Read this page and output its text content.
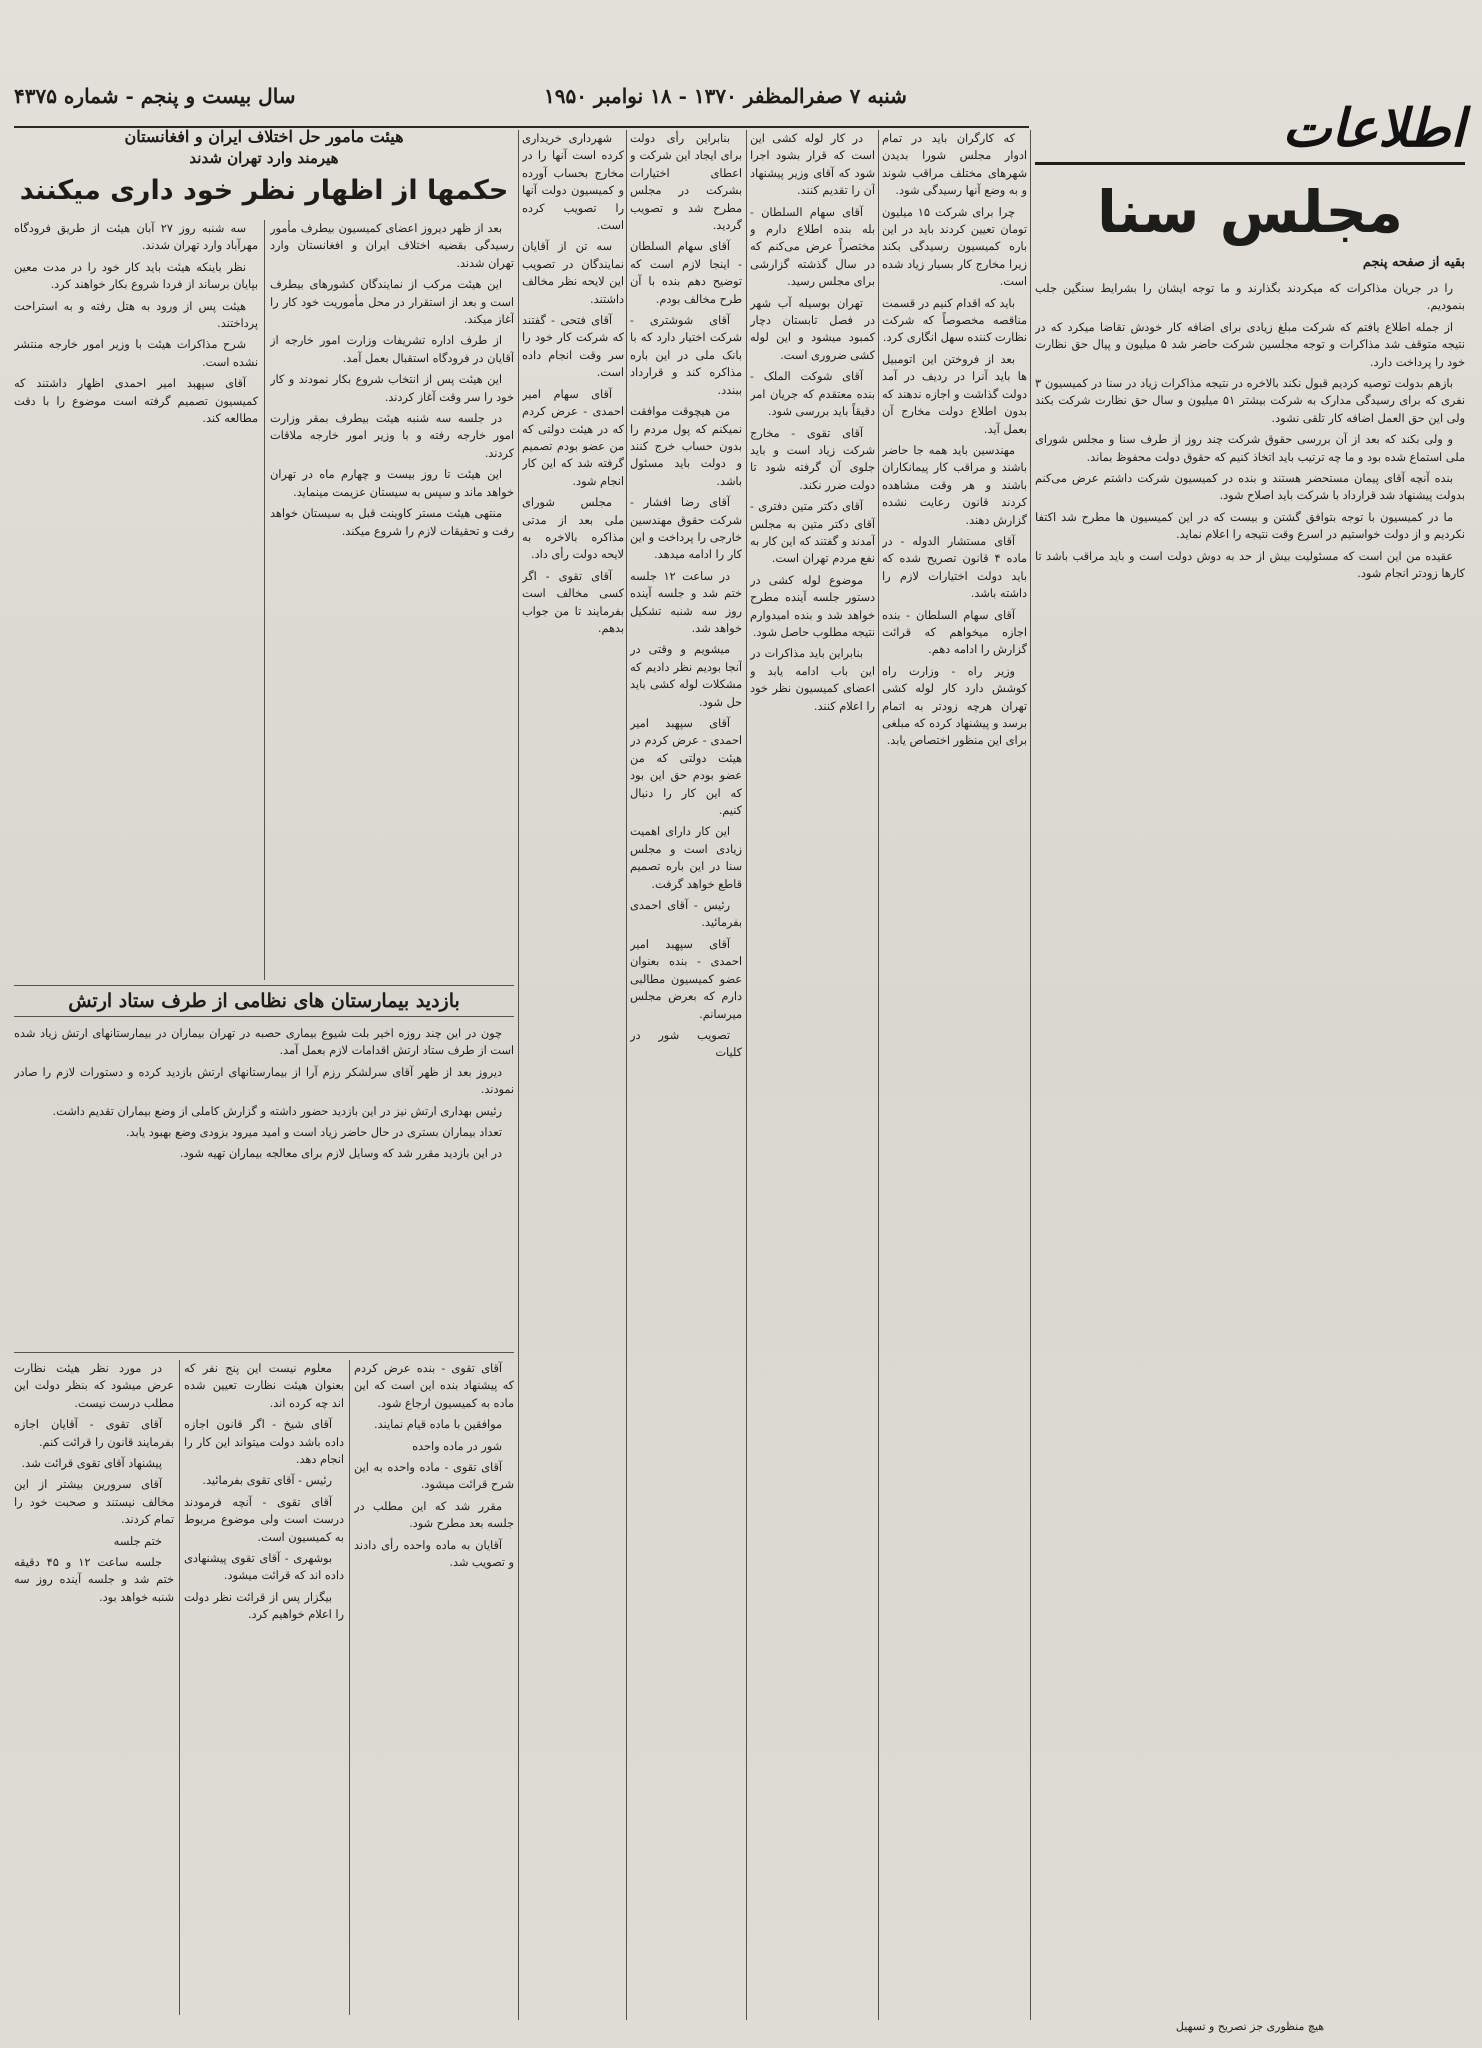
سال بیست و پنجم - شماره ۴۳۷۵	شنبه ۷ صفرالمظفر ۱۳۷۰ - ۱۸ نوامبر ۱۹۵۰
اطلاعات
مجلس سنا
بقیه از صفحه پنجم

را در جریان مذاکرات که میکردند بگذارند و ما توجه ایشان را بشرایط سنگین جلب بنمودیم.

از جمله اطلاع یافتم که شرکت مبلغ زیادی برای اضافه کار خودش تقاضا میکرد که در نتیجه متوقف شد مذاکرات و توجه مجلسین شرکت حاضر شد ۵ میلیون و پیال حق نظارت خود را پرداخت دارد.

بازهم بدولت توصیه کردیم قبول نکند بالاخره در نتیجه مذاکرات زیاد در سنا در کمیسیون ۳ نفری که برای رسیدگی مدارک به شرکت بیشتر ۵۱ میلیون و سال حق نظارت شرکت بکند ولی این حق العمل اضافه کار تلقی نشود.

و ولی بکند که بعد از آن بررسی حقوق شرکت چند روز از طرف سنا و مجلس شورای ملی استماع شده بود و ما چه ترتیب باید اتخاذ کنیم که حقوق دولت محفوظ بماند.

بنده آنچه آقای پیمان مستحضر هستند و بنده در کمیسیون شرکت داشتم عرض می‌کنم بدولت پیشنهاد شد قرارداد با شرکت باید اصلاح شود.

ما در کمیسیون با توجه بتوافق گشتن و بیست که در این کمیسیون ها مطرح شد اکتفا نکردیم و از دولت خواستیم در اسرع وقت نتیجه را اعلام نماید.

عقیده من این است که مسئولیت بیش از حد به دوش دولت است و باید مراقب باشد تا کارها زودتر انجام شود.

که کارگران باید در تمام ادوار مجلس شورا بدیدن شهرهای مختلف مراقب شوند و به وضع آنها رسیدگی شود.

چرا برای شرکت ۱۵ میلیون تومان تعیین کردند باید در این باره کمیسیون رسیدگی بکند زیرا مخارج کار بسیار زیاد شده است.

باید که اقدام کنیم در قسمت مناقصه مخصوصاً که شرکت نظارت کننده سهل انگاری کرد.

بعد از فروختن این اتومبیل ها باید آنرا در ردیف در آمد دولت گذاشت و اجازه ندهند که بدون اطلاع دولت مخارج آن بعمل آید.

مهندسین باید همه جا حاضر باشند و مراقب کار پیمانکاران باشند و هر وقت مشاهده کردند قانون رعایت نشده گزارش دهند.

آقای مستشار الدوله - در ماده ۴ قانون تصریح شده که باید دولت اختیارات لازم را داشته باشد.

آقای سهام السلطان - بنده اجازه میخواهم که قرائت گزارش را ادامه دهم.

وزیر راه - وزارت راه کوشش دارد کار لوله کشی تهران هرچه زودتر به اتمام برسد و پیشنهاد کرده که مبلغی برای این منظور اختصاص یابد.

در کار لوله کشی این است که قرار بشود اجرا شود که آقای وزیر پیشنهاد آن را تقدیم کنند.

آقای سهام السلطان - بله بنده اطلاع دارم و مختصراً عرض می‌کنم که در سال گذشته گزارشی برای مجلس رسید.

تهران بوسیله آب شهر در فصل تابستان دچار کمبود میشود و این لوله کشی ضروری است.

آقای شوکت الملک - بنده معتقدم که جریان امر دقیقاً باید بررسی شود.

آقای تقوی - مخارج شرکت زیاد است و باید جلوی آن گرفته شود تا دولت ضرر نکند.

آقای دکتر متین دفتری - آقای دکتر متین به مجلس آمدند و گفتند که این کار به نفع مردم تهران است.

موضوع لوله کشی در دستور جلسه آینده مطرح خواهد شد و بنده امیدوارم نتیجه مطلوب حاصل شود.

بنابراین باید مذاکرات در این باب ادامه یابد و اعضای کمیسیون نظر خود را اعلام کنند.

بنابراین رأی دولت برای ایجاد این شرکت و اعطای اختیارات بشرکت در مجلس مطرح شد و تصویب گردید.

آقای سهام السلطان - اینجا لازم است که توضیح دهم بنده با آن طرح مخالف بودم.

آقای شوشتری - شرکت اختیار دارد که با بانک ملی در این باره مذاکره کند و قرارداد ببندد.

من هیچوقت موافقت نمیکنم که پول مردم را بدون حساب خرج کنند و دولت باید مسئول باشد.

آقای رضا افشار - شرکت حقوق مهندسین خارجی را پرداخت و این کار را ادامه میدهد.

در ساعت ۱۲ جلسه ختم شد و جلسه آینده روز سه شنبه تشکیل خواهد شد.

میشویم و وقتی در آنجا بودیم نظر دادیم که مشکلات لوله کشی باید حل شود.

آقای سپهبد امیر احمدی - عرض کردم در هیئت دولتی که من عضو بودم حق این بود که این کار را دنبال کنیم.

این کار دارای اهمیت زیادی است و مجلس سنا در این باره تصمیم قاطع خواهد گرفت.

رئیس - آقای احمدی بفرمائید.

آقای سپهبد امیر احمدی - بنده بعنوان عضو کمیسیون مطالبی دارم که بعرض مجلس میرسانم.

تصویب شور در کلیات

شهرداری خریداری کرده است آنها را در مخارج بحساب آورده و کمیسیون دولت آنها را تصویب کرده است.

سه تن از آقایان نمایندگان در تصویب این لایحه نظر مخالف داشتند.

آقای فتحی - گفتند که شرکت کار خود را سر وقت انجام داده است.

آقای سهام امیر احمدی - عرض کردم که در هیئت دولتی که من عضو بودم تصمیم گرفته شد که این کار انجام شود.

مجلس شورای ملی بعد از مدتی مذاکره بالاخره به لایحه دولت رأی داد.

آقای تقوی - اگر کسی مخالف است بفرمایند تا من جواب بدهم.

هیئت مامور حل اختلاف ایران و افغانستان
هیرمند وارد تهران شدند
حکمها از اظهار نظر خود داری میکنند

بعد از ظهر دیروز اعضای کمیسیون بیطرف مأمور رسیدگی بقضیه اختلاف ایران و افغانستان وارد تهران شدند.

این هیئت مرکب از نمایندگان کشورهای بیطرف است و بعد از استقرار در محل مأموریت خود کار را آغاز میکند.

از طرف اداره تشریفات وزارت امور خارجه از آقایان در فرودگاه استقبال بعمل آمد.

این هیئت پس از انتخاب شروع بکار نمودند و کار خود را سر وقت آغاز کردند.

در جلسه سه شنبه هیئت بیطرف بمقر وزارت امور خارجه رفته و با وزیر امور خارجه ملاقات کردند.

این هیئت تا روز بیست و چهارم ماه در تهران خواهد ماند و سپس به سیستان عزیمت مینماید.

منتهی هیئت مستر کاوینت قبل به سیستان خواهد رفت و تحقیقات لازم را شروع میکند.

سه شنبه روز ۲۷ آبان هیئت از طریق فرودگاه مهرآباد وارد تهران شدند.

نظر باینکه هیئت باید کار خود را در مدت معین بپایان برساند از فردا شروع بکار خواهند کرد.

هیئت پس از ورود به هتل رفته و به استراحت پرداختند.

شرح مذاکرات هیئت با وزیر امور خارجه منتشر نشده است.

آقای سپهبد امیر احمدی اظهار داشتند که کمیسیون تصمیم گرفته است موضوع را با دقت مطالعه کند.

بازدید بیمارستان های نظامی از طرف ستاد ارتش

چون در این چند روزه اخیر بلت شیوع بیماری حصبه در تهران بیماران در بیمارستانهای ارتش زیاد شده است از طرف ستاد ارتش اقدامات لازم بعمل آمد.

دیروز بعد از ظهر آقای سرلشکر رزم آرا از بیمارستانهای ارتش بازدید کرده و دستورات لازم را صادر نمودند.

رئیس بهداری ارتش نیز در این بازدید حضور داشته و گزارش کاملی از وضع بیماران تقدیم داشت.

تعداد بیماران بستری در حال حاضر زیاد است و امید میرود بزودی وضع بهبود یابد.

در این بازدید مقرر شد که وسایل لازم برای معالجه بیماران تهیه شود.

در مورد نظر هیئت نظارت عرض میشود که بنظر دولت این مطلب درست نیست.

آقای تقوی - آقایان اجازه بفرمایند قانون را قرائت کنم.

پیشنهاد آقای تقوی قرائت شد.

آقای سرورین بیشتر از این مخالف نیستند و صحبت خود را تمام کردند.

ختم جلسه

جلسه ساعت ۱۲ و ۴۵ دقیقه ختم شد و جلسه آینده روز سه شنبه خواهد بود.

معلوم نیست این پنج نفر که بعنوان هیئت نظارت تعیین شده اند چه کرده اند.

آقای شیخ - اگر قانون اجازه داده باشد دولت میتواند این کار را انجام دهد.

رئیس - آقای تقوی بفرمائید.

آقای تقوی - آنچه فرمودند درست است ولی موضوع مربوط به کمیسیون است.

بوشهری - آقای تقوی پیشنهادی داده اند که قرائت میشود.

بیگزار پس از قرائت نظر دولت را اعلام خواهیم کرد.

آقای تقوی - بنده عرض کردم که پیشنهاد بنده این است که این ماده به کمیسیون ارجاع شود.

موافقین با ماده قیام نمایند.

شور در ماده واحده

آقای تقوی - ماده واحده به این شرح قرائت میشود.

مقرر شد که این مطلب در جلسه بعد مطرح شود.

آقایان به ماده واحده رأی دادند و تصویب شد.

هیچ منظوری جز تصریح و تسهیل
